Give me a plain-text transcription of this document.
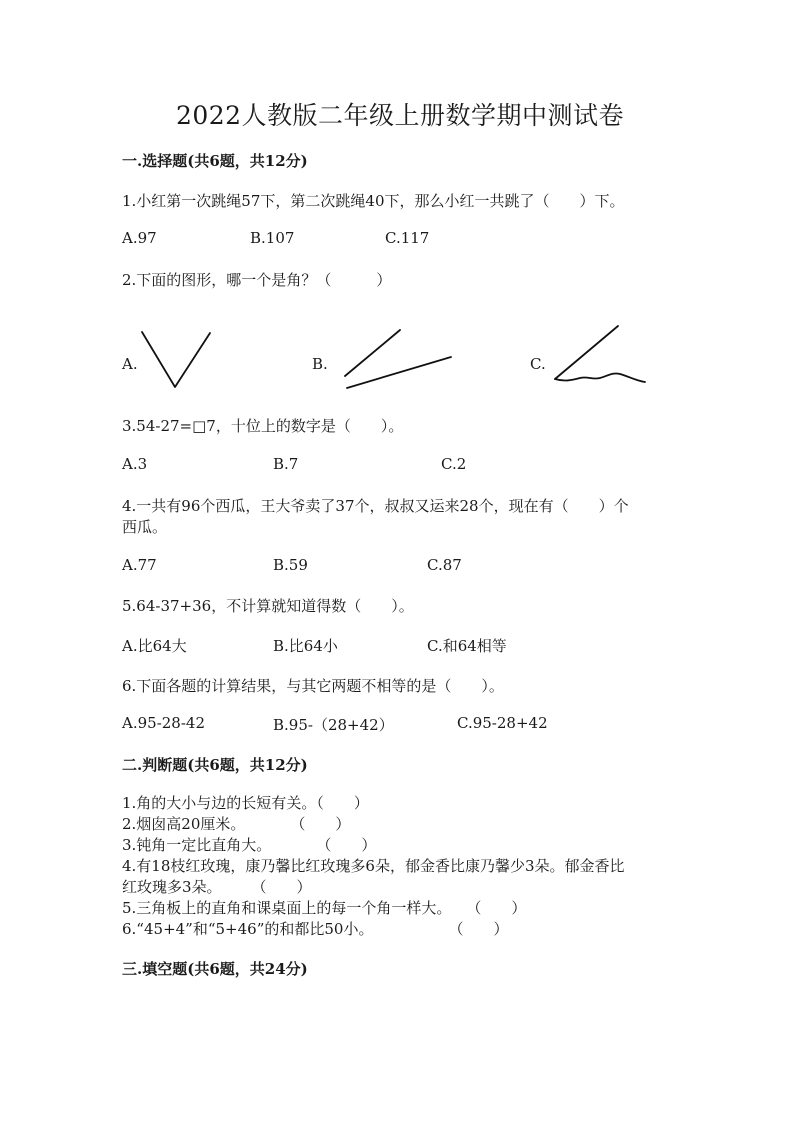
2022人教版二年级上册数学期中测试卷
一.选择题(共6题，共12分)
1.小红第一次跳绳57下，第二次跳绳40下，那么小红一共跳了（　　）下。
A.97	B.107	C.117
2.下面的图形，哪一个是角？（　　　）
A.	B.	C.
3.54-27=□7，十位上的数字是（　　）。
A.3	B.7	C.2
4.一共有96个西瓜，王大爷卖了37个，叔叔又运来28个，现在有（　　）个
西瓜。
A.77	B.59	C.87
5.64-37+36，不计算就知道得数（　　）。
A.比64大	B.比64小	C.和64相等
6.下面各题的计算结果，与其它两题不相等的是（　　）。
A.95-28-42	B.95-（28+42）	C.95-28+42
二.判断题(共6题，共12分)
1.角的大小与边的长短有关。（　　）
2.烟囱高20厘米。　　　　（　　）
3.钝角一定比直角大。　　　　（　　）
4.有18枝红玫瑰，康乃馨比红玫瑰多6朵，郁金香比康乃馨少3朵。郁金香比
红玫瑰多3朵。　　　（　　）
5.三角板上的直角和课桌面上的每一个角一样大。　　（　　）
6.“45+4”和“5+46”的和都比50小。　　　　　　（　　）
三.填空题(共6题，共24分)
